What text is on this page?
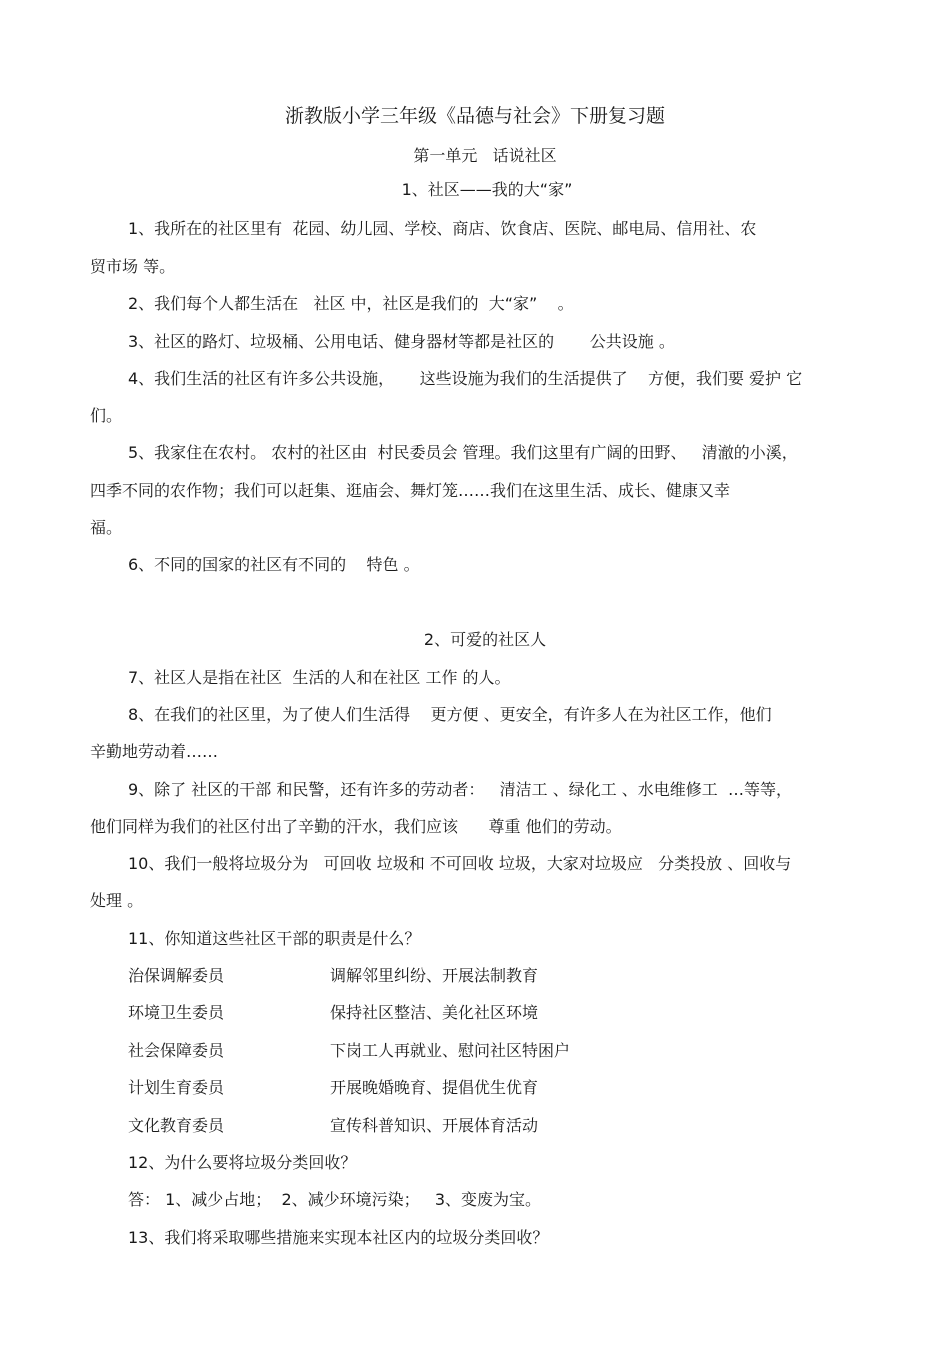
浙教版小学三年级《品德与社会》下册复习题
第一单元   话说社区
1、社区——我的大“家”
1、我所在的社区里有  花园、幼儿园、学校、商店、饮食店、医院、邮电局、信用社、农
贸市场 等。
2、我们每个人都生活在   社区 中，社区是我们的  大“家”    。
3、社区的路灯、垃圾桶、公用电话、健身器材等都是社区的       公共设施 。
4、我们生活的社区有许多公共设施，     这些设施为我们的生活提供了    方便，我们要 爱护 它
们。
5、我家住在农村。 农村的社区由  村民委员会 管理。我们这里有广阔的田野、   清澈的小溪，
四季不同的农作物；我们可以赶集、逛庙会、舞灯笼……我们在这里生活、成长、健康又幸
福。
6、不同的国家的社区有不同的    特色 。
2、可爱的社区人
7、社区人是指在社区  生活的人和在社区 工作 的人。
8、在我们的社区里，为了使人们生活得    更方便 、更安全，有许多人在为社区工作，他们
辛勤地劳动着……
9、除了 社区的干部 和民警，还有许多的劳动者：   清洁工 、绿化工 、水电维修工  …等等，
他们同样为我们的社区付出了辛勤的汗水，我们应该      尊重 他们的劳动。
10、我们一般将垃圾分为   可回收 垃圾和 不可回收 垃圾，大家对垃圾应   分类投放 、回收与
处理 。
11、你知道这些社区干部的职责是什么？
治保调解委员	调解邻里纠纷、开展法制教育
环境卫生委员	保持社区整洁、美化社区环境
社会保障委员	下岗工人再就业、慰问社区特困户
计划生育委员	开展晚婚晚育、提倡优生优育
文化教育委员	宣传科普知识、开展体育活动
12、为什么要将垃圾分类回收？
答： 1、减少占地；  2、减少环境污染；   3、变废为宝。
13、我们将采取哪些措施来实现本社区内的垃圾分类回收？
